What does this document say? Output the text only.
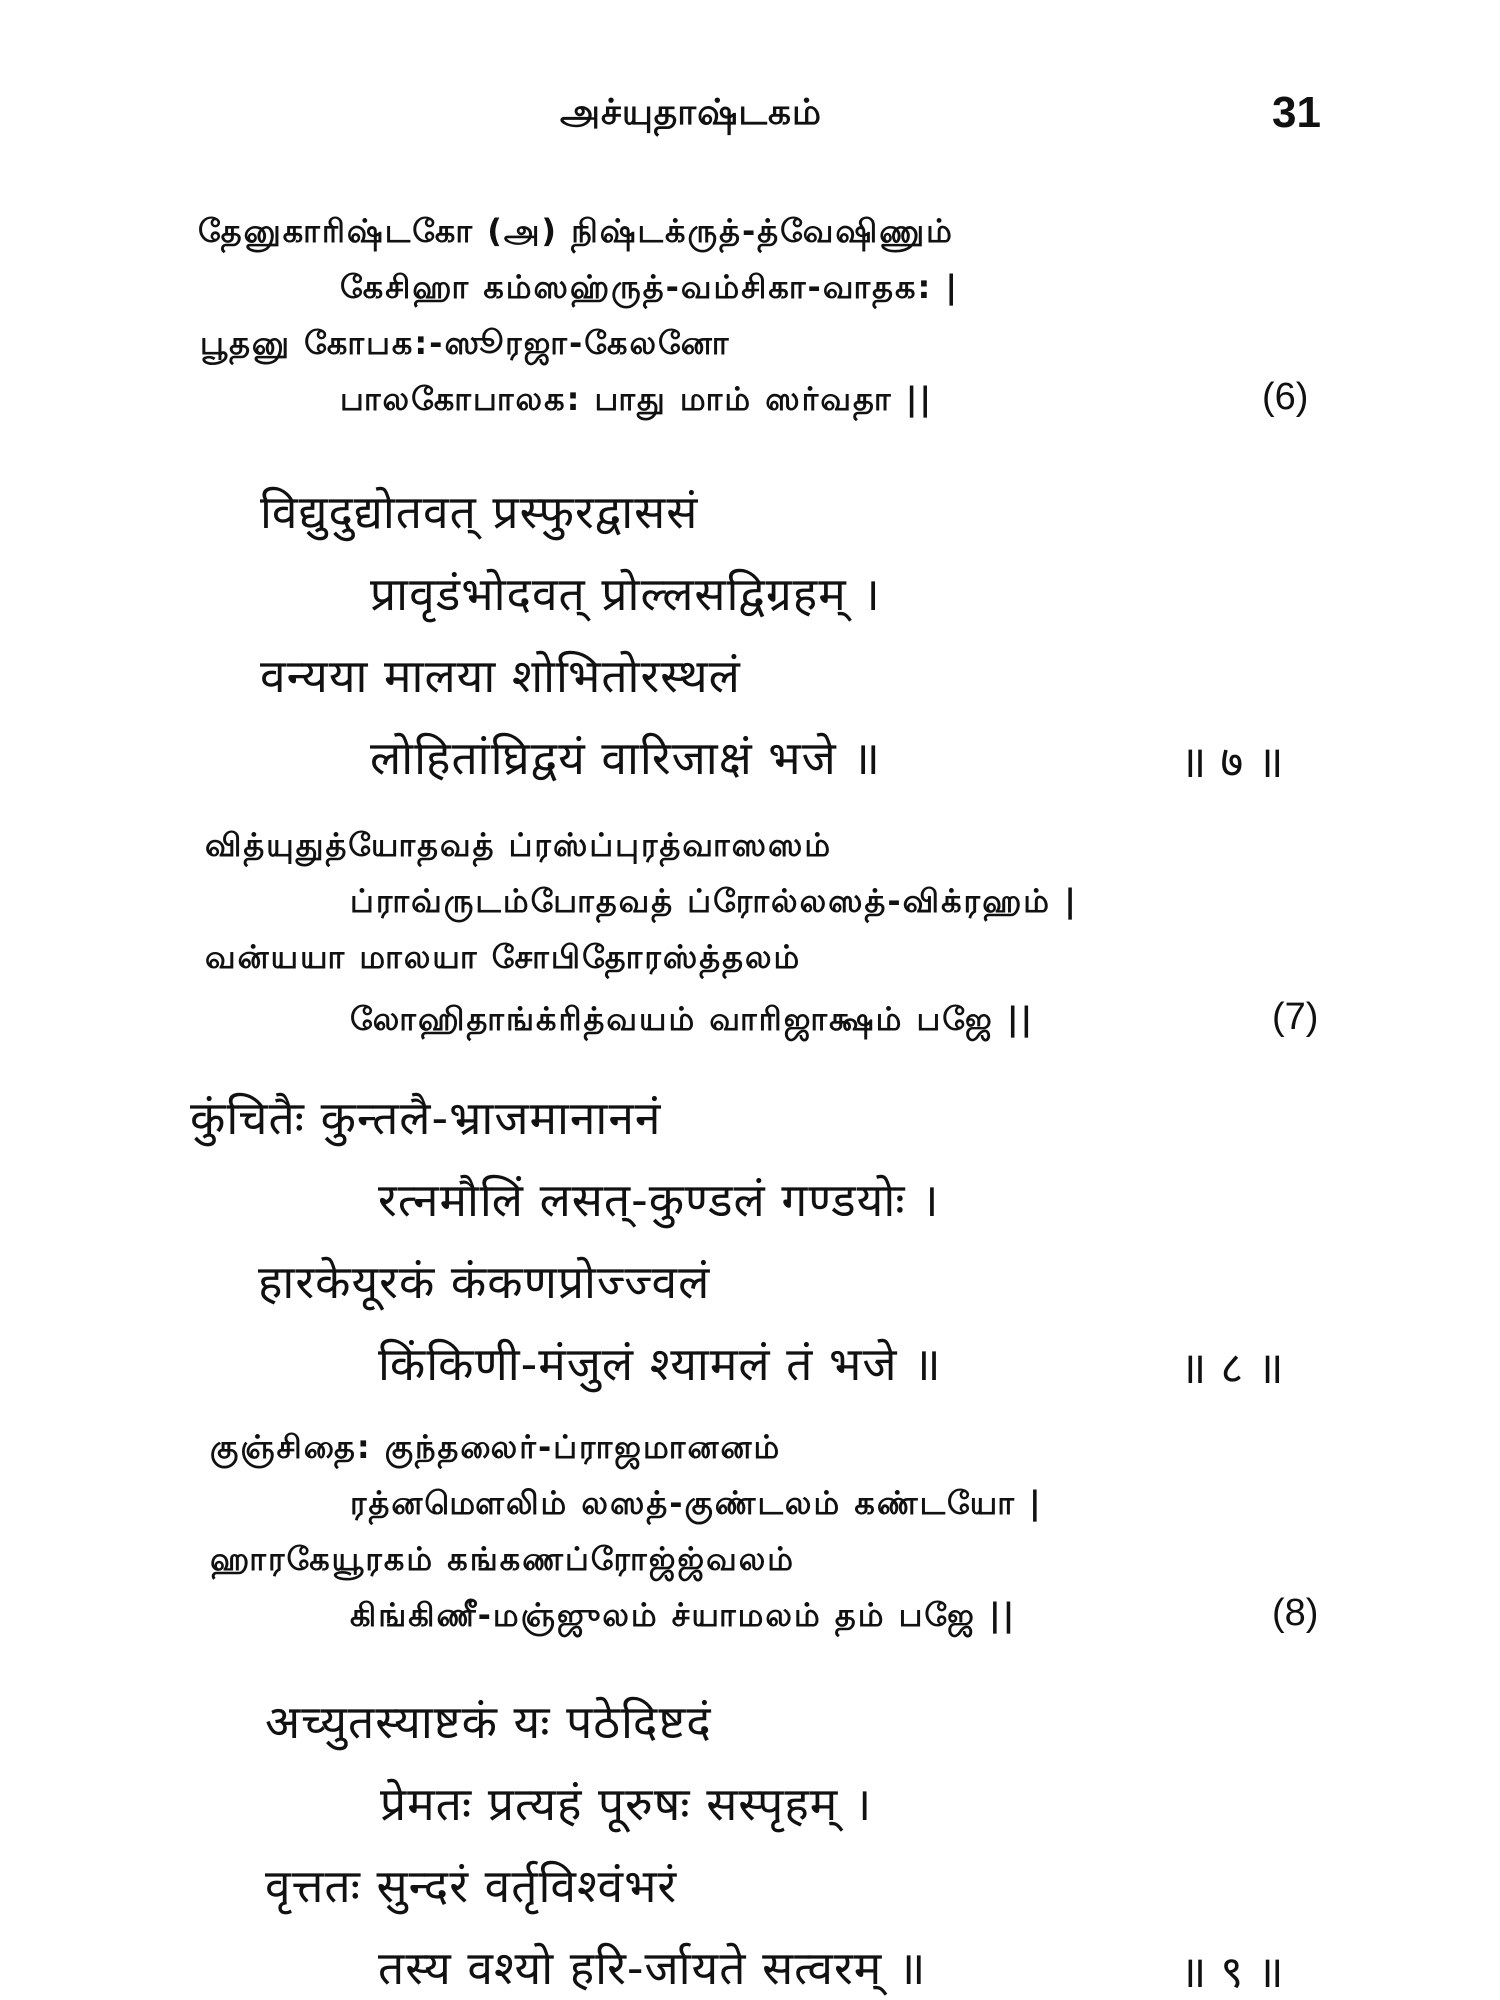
அச்யுதாஷ்டகம்	31
தேனுகாரிஷ்டகோ (அ) நிஷ்டக்ருத்-த்வேஷிணும்
கேசிஹா கம்ஸஹ்ருத்-வம்சிகா-வாதக: |
பூதனு கோபக:-ஸூரஜா-கேலனோ
பாலகோபாலக: பாது மாம் ஸர்வதா ||	(6)
विद्युदुद्योतवत् प्रस्फुरद्वाससं
प्रावृडंभोदवत् प्रोल्लसद्विग्रहम् ।
वन्यया मालया शोभितोरस्थलं
लोहितांघ्रिद्वयं वारिजाक्षं भजे ॥	॥ ७ ॥
வித்யுதுத்யோதவத் ப்ரஸ்ப்புரத்வாஸஸம்
ப்ராவ்ருடம்போதவத் ப்ரோல்லஸத்-விக்ரஹம் |
வன்யயா மாலயா சோபிதோரஸ்த்தலம்
லோஹிதாங்க்ரித்வயம் வாரிஜாக்ஷம் பஜே ||	(7)
कुंचितैः कुन्तलै-भ्राजमानाननं
रत्नमौलिं लसत्-कुण्डलं गण्डयोः ।
हारकेयूरकं कंकणप्रोज्ज्वलं
किंकिणी-मंजुलं श्यामलं तं भजे ॥	॥ ८ ॥
குஞ்சிதை: குந்தலைர்-ப்ராஜமானனம்
ரத்னமௌலிம் லஸத்-குண்டலம் கண்டயோ |
ஹாரகேயூரகம் கங்கணப்ரோஜ்ஜ்வலம்
கிங்கிணீ-மஞ்ஜுலம் ச்யாமலம் தம் பஜே ||	(8)
अच्युतस्याष्टकं यः पठेदिष्टदं
प्रेमतः प्रत्यहं पूरुषः सस्पृहम् ।
वृत्ततः सुन्दरं वर्तृविश्वंभरं
तस्य वश्यो हरि-र्जायते सत्वरम् ॥	॥ ९ ॥
